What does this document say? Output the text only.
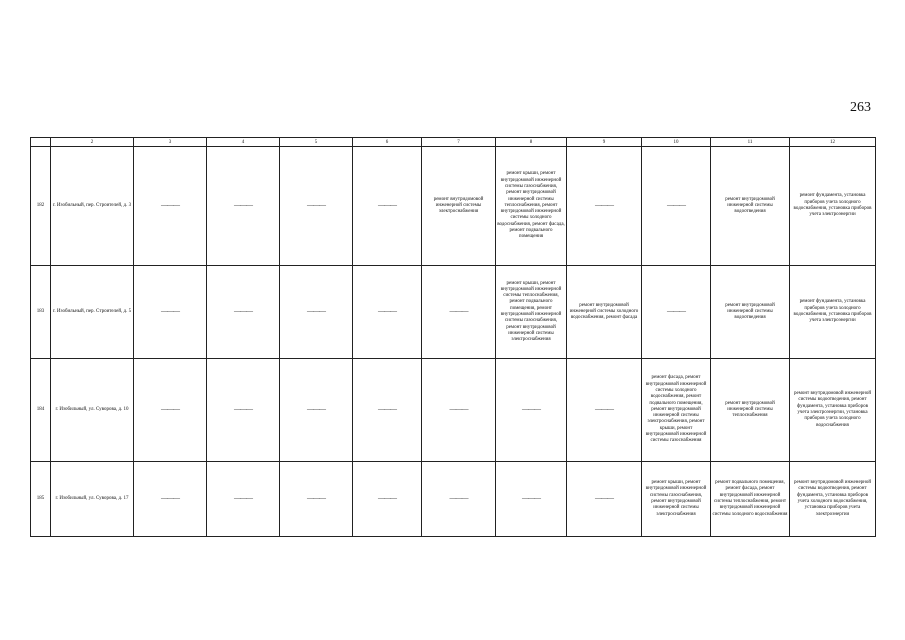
263
	2	3	4	5	6	7	8	9	10	11	12
182	г. Изобильный, пер. Строителей, д. 3	———	———	———	———	ремонт внутридомовой инженерной системы электроснабжения	ремонт крыши, ремонт внутридомовой инженерной системы газоснабжения, ремонт внутридомовой инженерной системы теплоснабжения, ремонт внутридомовой инженерной системы холодного водоснабжения, ремонт фасада, ремонт подвального помещения	———	———	ремонт внутридомовой инженерной системы водоотведения	ремонт фундамента, установка приборов учета холодного водоснабжения, установка приборов учета электроэнергии
183	г. Изобильный, пер. Строителей, д. 5	———	———	———	———	———	ремонт крыши, ремонт внутридомовой инженерной системы теплоснабжения, ремонт подвального помещения, ремонт внутридомовой инженерной системы газоснабжения, ремонт внутридомовой инженерной системы электроснабжения	ремонт внутридомовой инженерной системы холодного водоснабжения, ремонт фасада	———	ремонт внутридомовой инженерной системы водоотведения	ремонт фундамента, установка приборов учета холодного водоснабжения, установка приборов учета электроэнергии
184	г. Изобильный, ул. Суворова, д. 10	———	———	———	———	———	———	———	ремонт фасада, ремонт внутридомовой инженерной системы холодного водоснабжения, ремонт подвального помещения, ремонт внутридомовой инженерной системы электроснабжения, ремонт крыши, ремонт внутридомовой инженерной системы газоснабжения	ремонт внутридомовой инженерной системы теплоснабжения	ремонт внутридомовой инженерной системы водоотведения, ремонт фундамента, установка приборов учета электроэнергии, установка приборов учета холодного водоснабжения
185	г. Изобильный, ул. Суворова, д. 17	———	———	———	———	———	———	———	ремонт крыши, ремонт внутридомовой инженерной системы газоснабжения, ремонт внутридомовой инженерной системы электроснабжения	ремонт подвального помещения, ремонт фасада, ремонт внутридомовой инженерной системы теплоснабжения, ремонт внутридомовой инженерной системы холодного водоснабжения	ремонт внутридомовой инженерной системы водоотведения, ремонт фундамента, установка приборов учета холодного водоснабжения, установка приборов учета электроэнергии
